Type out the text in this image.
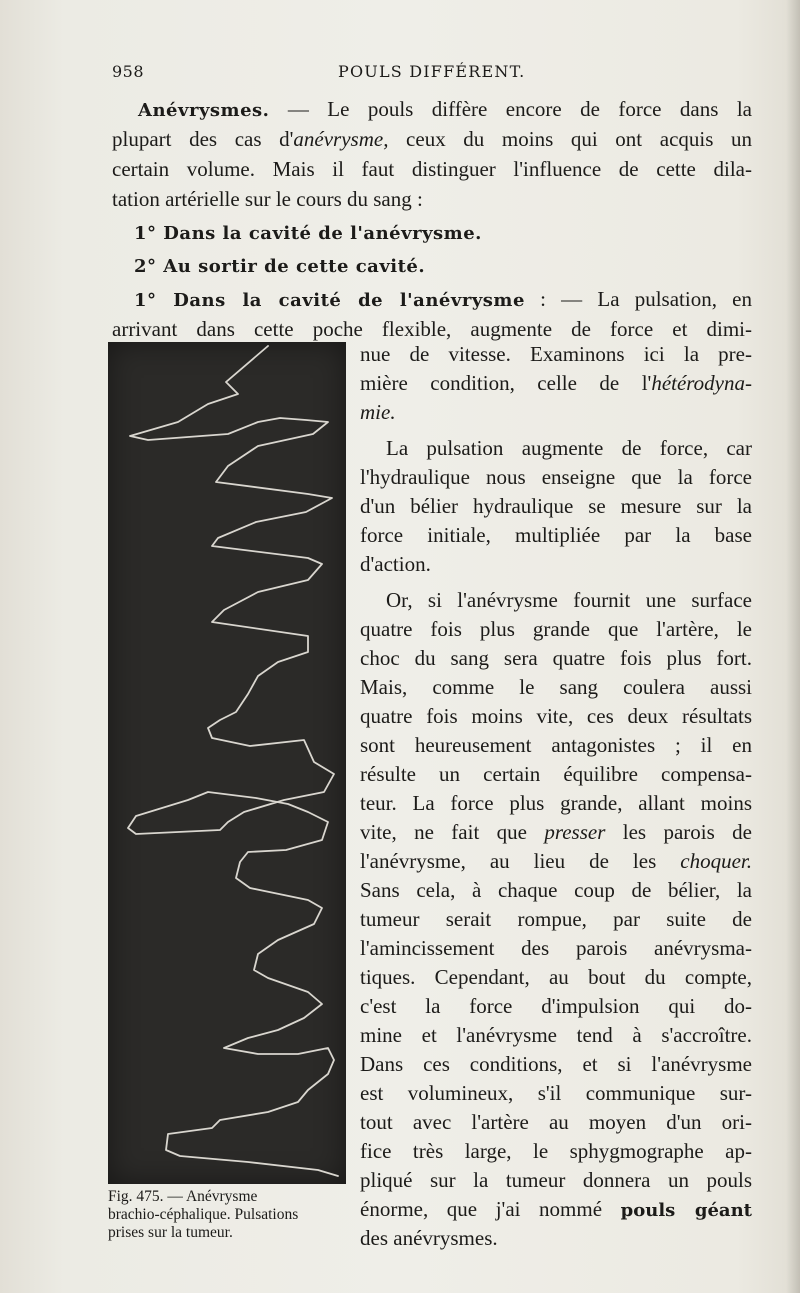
958	POULS DIFFÉRENT.
Anévrysmes. — Le pouls diffère encore de force dans la
plupart des cas d'anévrysme, ceux du moins qui ont acquis un
certain volume. Mais il faut distinguer l'influence de cette dila-
tation artérielle sur le cours du sang :
1° Dans la cavité de l'anévrysme.
2° Au sortir de cette cavité.
1° Dans la cavité de l'anévrysme : — La pulsation, en
arrivant dans cette poche flexible, augmente de force et dimi-
Fig. 475. — Anévrysme
brachio-céphalique. Pulsations
prises sur la tumeur.
nue de vitesse. Examinons ici la pre-
mière condition, celle de l'hétérodyna-
mie.
La pulsation augmente de force, car
l'hydraulique nous enseigne que la force
d'un bélier hydraulique se mesure sur la
force initiale, multipliée par la base
d'action.
Or, si l'anévrysme fournit une surface
quatre fois plus grande que l'artère, le
choc du sang sera quatre fois plus fort.
Mais, comme le sang coulera aussi
quatre fois moins vite, ces deux résultats
sont heureusement antagonistes ; il en
résulte un certain équilibre compensa-
teur. La force plus grande, allant moins
vite, ne fait que presser les parois de
l'anévrysme, au lieu de les choquer.
Sans cela, à chaque coup de bélier, la
tumeur serait rompue, par suite de
l'amincissement des parois anévrysma-
tiques. Cependant, au bout du compte,
c'est la force d'impulsion qui do-
mine et l'anévrysme tend à s'accroître.
Dans ces conditions, et si l'anévrysme
est volumineux, s'il communique sur-
tout avec l'artère au moyen d'un ori-
fice très large, le sphygmographe ap-
pliqué sur la tumeur donnera un pouls
énorme, que j'ai nommé pouls géant
des anévrysmes.
